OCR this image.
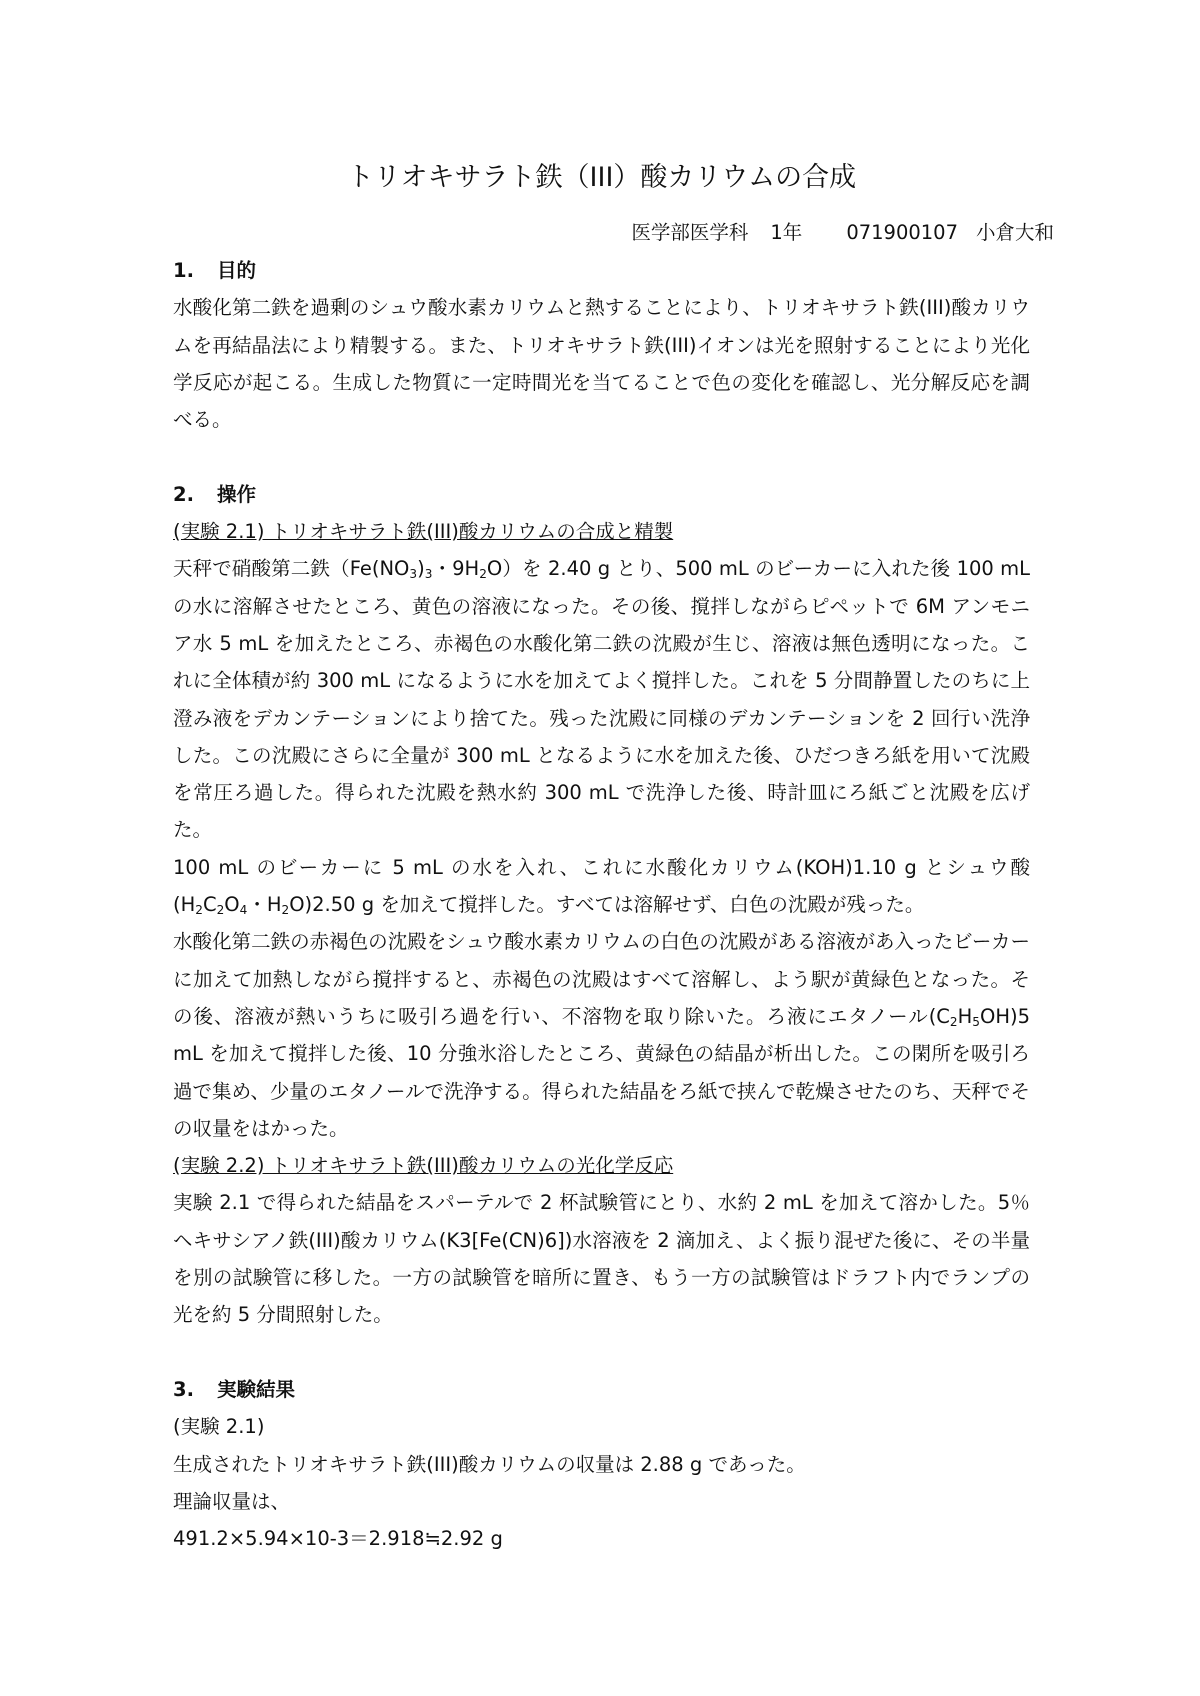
トリオキサラト鉄（III）酸カリウムの合成

医学部医学科 1年 071900107 小倉大和

1. 目的

水酸化第二鉄を過剰のシュウ酸水素カリウムと熱することにより、トリオキサラト鉄(III)酸カリウムを再結晶法により精製する。また、トリオキサラト鉄(III)イオンは光を照射することにより光化学反応が起こる。生成した物質に一定時間光を当てることで色の変化を確認し、光分解反応を調べる。

2. 操作

(実験 2.1) トリオキサラト鉄(III)酸カリウムの合成と精製

天秤で硝酸第二鉄（$Fe(NO_3)_3$・$9H_2O$）を 2.40 g とり、500 mL のビーカーに入れた後 100 mL の水に溶解させたところ、黄色の溶液になった。その後、撹拌しながらピペットで 6M アンモニア水 5 mL を加えたところ、赤褐色の水酸化第二鉄の沈殿が生じ、溶液は無色透明になった。これに全体積が約 300 mL になるように水を加えてよく撹拌した。これを 5 分間静置したのちに上澄み液をデカンテーションにより捨てた。残った沈殿に同様のデカンテーションを 2 回行い洗浄した。この沈殿にさらに全量が 300 mL となるように水を加えた後、ひだつきろ紙を用いて沈殿を常圧ろ過した。得られた沈殿を熱水約 300 mL で洗浄した後、時計皿にろ紙ごと沈殿を広げた。

100 mL のビーカーに 5 mL の水を入れ、これに水酸化カリウム(KOH)1.10 g とシュウ酸($H_2C_2O_4$・$H_2O)2.50$ g を加えて撹拌した。すべては溶解せず、白色の沈殿が残った。

水酸化第二鉄の赤褐色の沈殿をシュウ酸水素カリウムの白色の沈殿がある溶液があ入ったビーカーに加えて加熱しながら撹拌すると、赤褐色の沈殿はすべて溶解し、よう駅が黄緑色となった。その後、溶液が熱いうちに吸引ろ過を行い、不溶物を取り除いた。ろ液にエタノール$(C_2H_5OH)5$ mL を加えて撹拌した後、10 分強氷浴したところ、黄緑色の結晶が析出した。この閑所を吸引ろ過で集め、少量のエタノールで洗浄する。得られた結晶をろ紙で挟んで乾燥させたのち、天秤でその収量をはかった。

(実験 2.2) トリオキサラト鉄(III)酸カリウムの光化学反応

実験 2.1 で得られた結晶をスパーテルで 2 杯試験管にとり、水約 2 mL を加えて溶かした。5％　ヘキサシアノ鉄(III)酸カリウム(K3[Fe(CN)6])水溶液を 2 滴加え、よく振り混ぜた後に、その半量を別の試験管に移した。一方の試験管を暗所に置き、もう一方の試験管はドラフト内でランプの光を約 5 分間照射した。

3. 実験結果

(実験 2.1)

生成されたトリオキサラト鉄(III)酸カリウムの収量は 2.88 g であった。

理論収量は、

491.2×5.94×10-3＝2.918≒2.92 g
